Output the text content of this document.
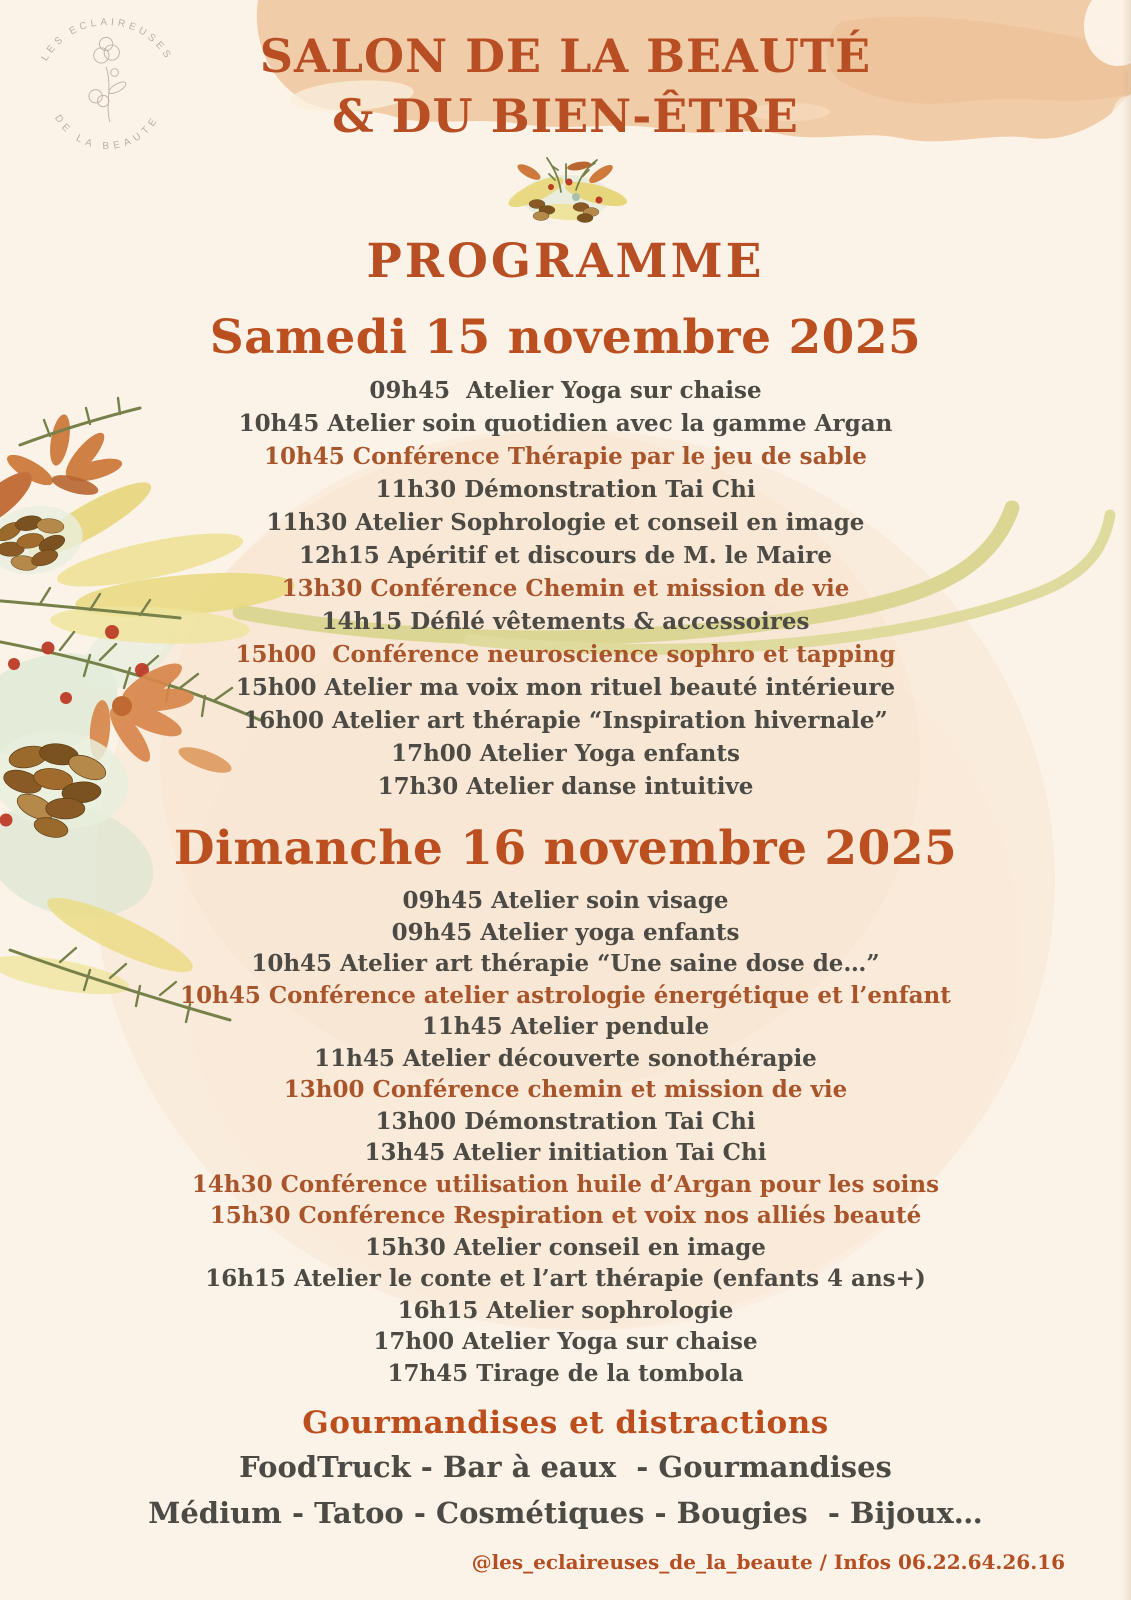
LES ECLAIREUSES
DE LA BEAUTE
SALON DE LA BEAUTÉ
& DU BIEN-ÊTRE
PROGRAMME
Samedi 15 novembre 2025
09h45  Atelier Yoga sur chaise
10h45 Atelier soin quotidien avec la gamme Argan
10h45 Conférence Thérapie par le jeu de sable
11h30 Démonstration Tai Chi
11h30 Atelier Sophrologie et conseil en image
12h15 Apéritif et discours de M. le Maire
13h30 Conférence Chemin et mission de vie
14h15 Défilé vêtements & accessoires
15h00  Conférence neuroscience sophro et tapping
15h00 Atelier ma voix mon rituel beauté intérieure
16h00 Atelier art thérapie “Inspiration hivernale”
17h00 Atelier Yoga enfants
17h30 Atelier danse intuitive
Dimanche 16 novembre 2025
09h45 Atelier soin visage
09h45 Atelier yoga enfants
10h45 Atelier art thérapie “Une saine dose de…”
10h45 Conférence atelier astrologie énergétique et l’enfant
11h45 Atelier pendule
11h45 Atelier découverte sonothérapie
13h00 Conférence chemin et mission de vie
13h00 Démonstration Tai Chi
13h45 Atelier initiation Tai Chi
14h30 Conférence utilisation huile d’Argan pour les soins
15h30 Conférence Respiration et voix nos alliés beauté
15h30 Atelier conseil en image
16h15 Atelier le conte et l’art thérapie (enfants 4 ans+)
16h15 Atelier sophrologie
17h00 Atelier Yoga sur chaise
17h45 Tirage de la tombola
Gourmandises et distractions

FoodTruck - Bar à eaux  - Gourmandises

Médium - Tatoo - Cosmétiques - Bougies  - Bijoux…

@les_eclaireuses_de_la_beaute / Infos 06.22.64.26.16
